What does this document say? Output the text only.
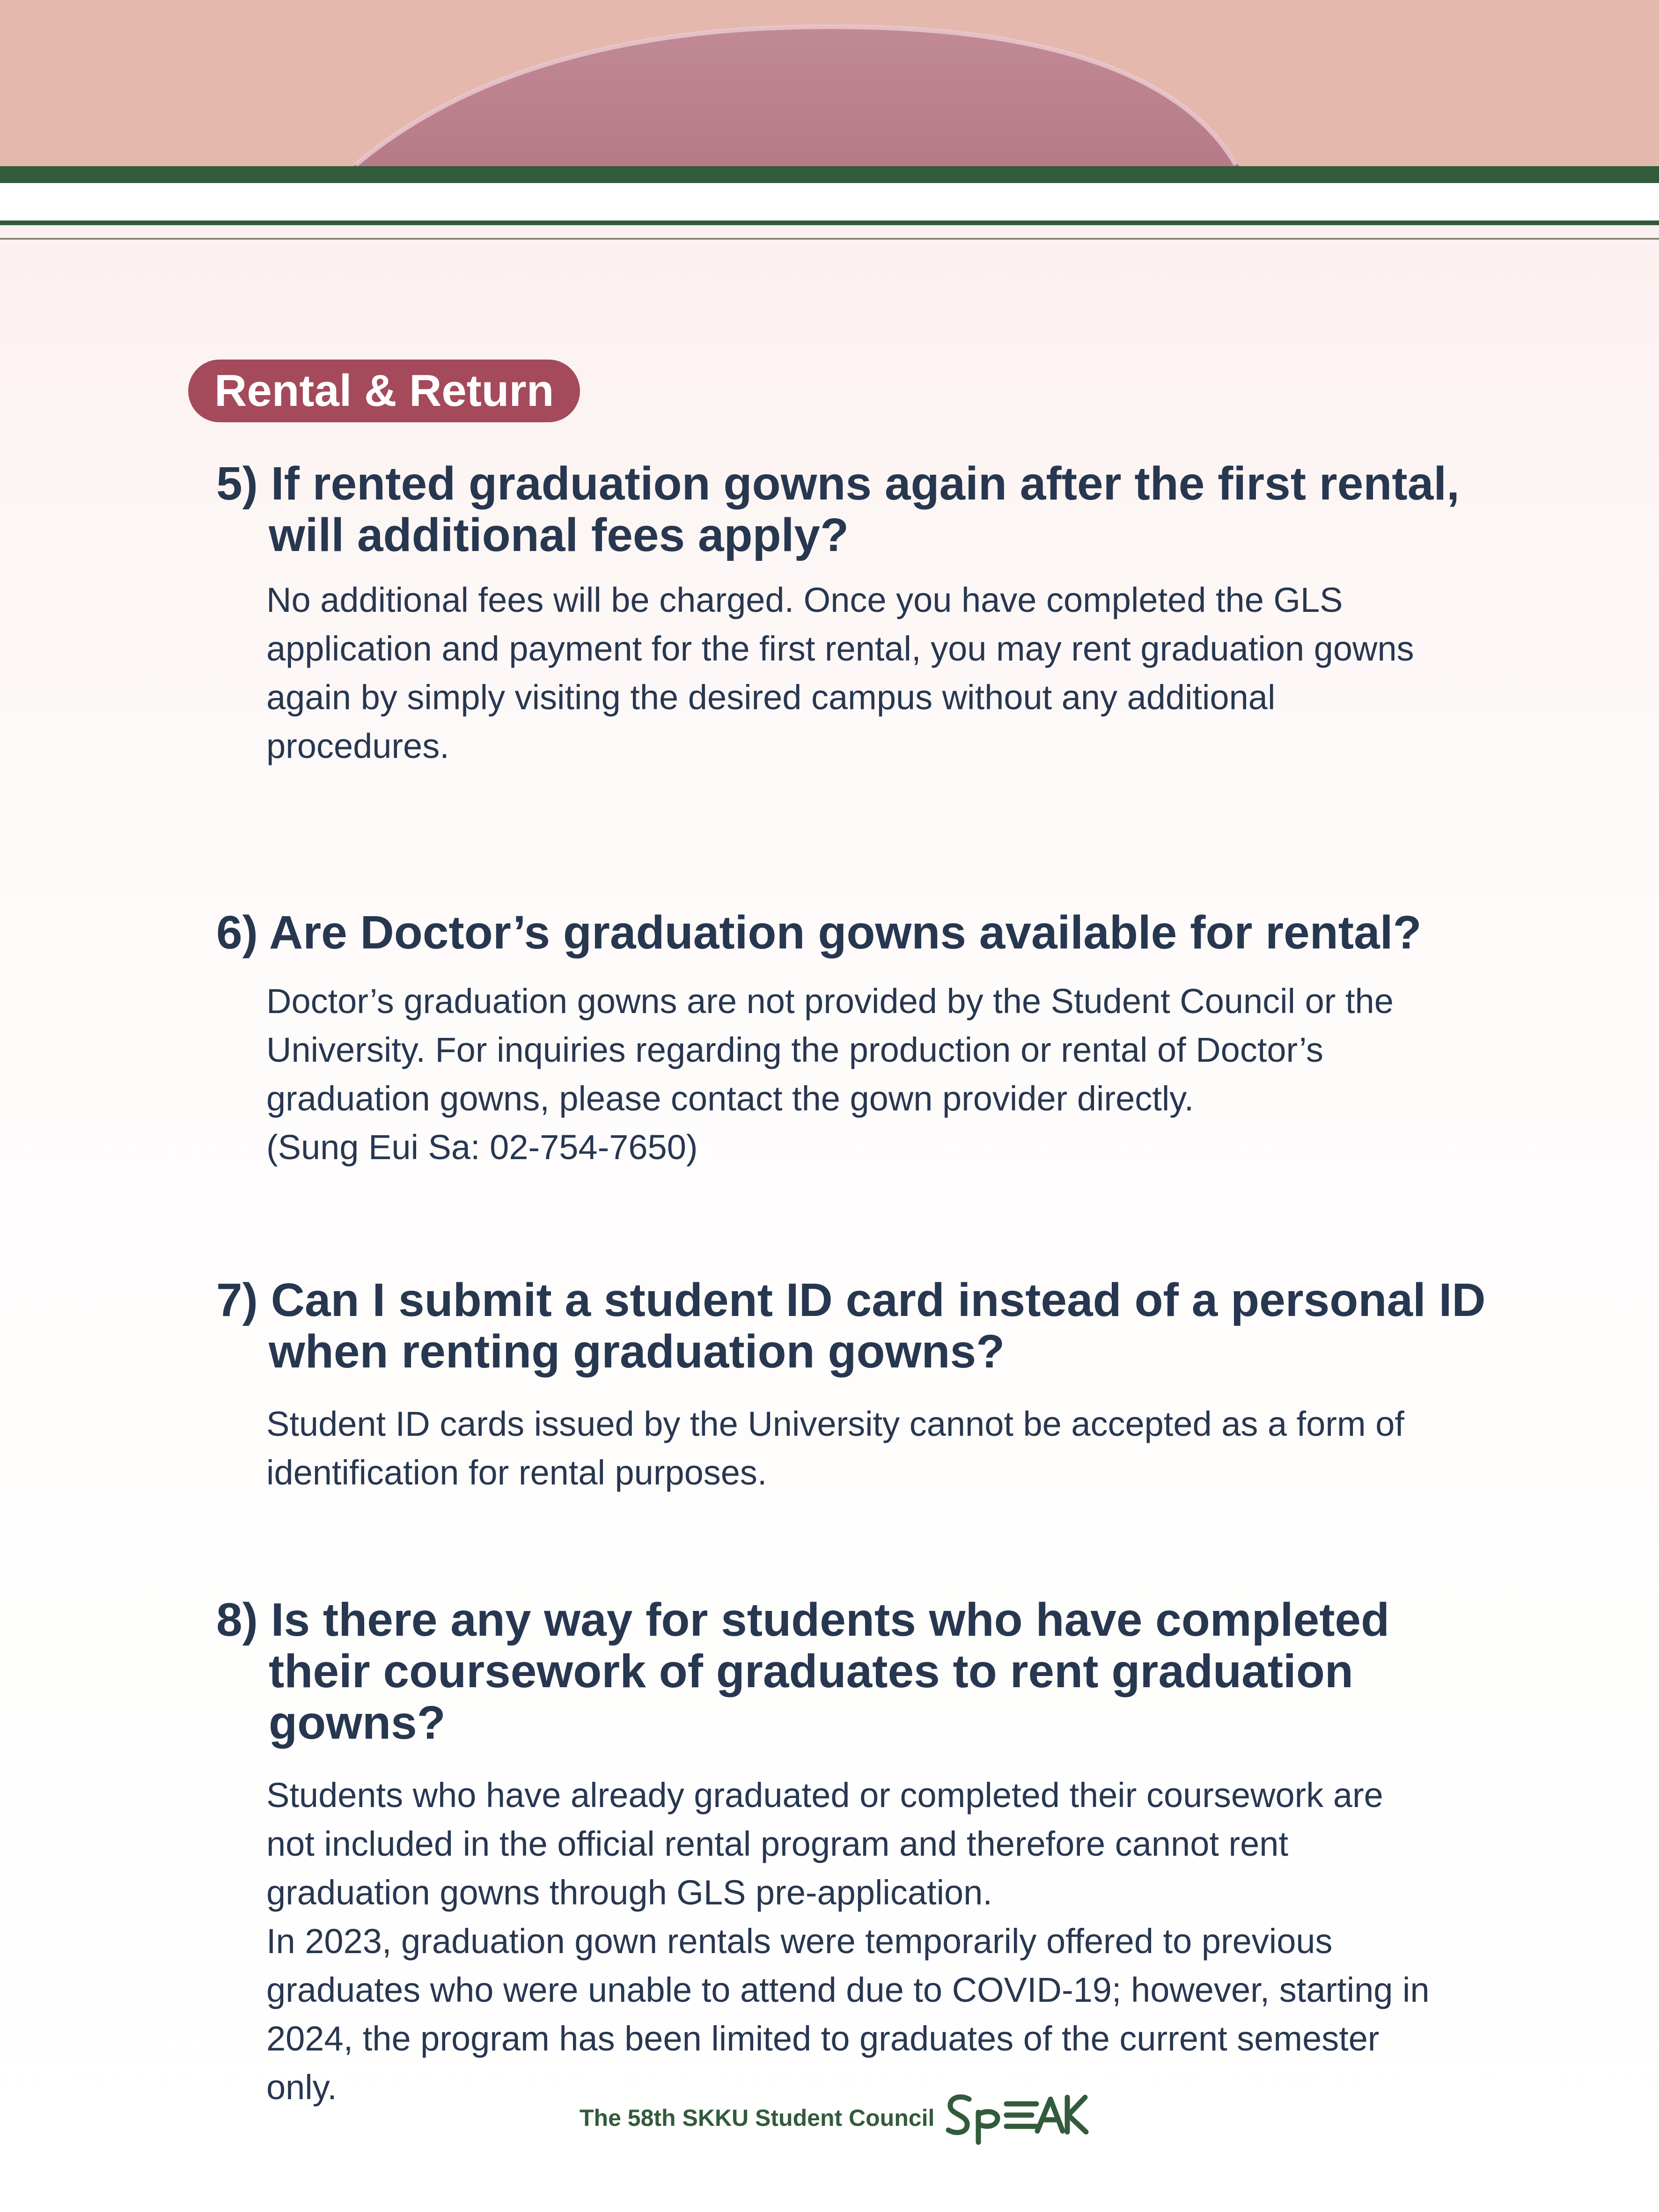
Rental & Return

5) If rented graduation gowns again after the first rental, will additional fees apply?

No additional fees will be charged. Once you have completed the GLS
application and payment for the first rental, you may rent graduation gowns
again by simply visiting the desired campus without any additional
procedures.

6) Are Doctor’s graduation gowns available for rental?

Doctor’s graduation gowns are not provided by the Student Council or the
University. For inquiries regarding the production or rental of Doctor’s
graduation gowns, please contact the gown provider directly.
(Sung Eui Sa: 02-754-7650)

7) Can I submit a student ID card instead of a personal ID when renting graduation gowns?

Student ID cards issued by the University cannot be accepted as a form of
identification for rental purposes.

8) Is there any way for students who have completed their coursework of graduates to rent graduation gowns?

Students who have already graduated or completed their coursework are
not included in the official rental program and therefore cannot rent
graduation gowns through GLS pre-application.
In 2023, graduation gown rentals were temporarily offered to previous
graduates who were unable to attend due to COVID-19; however, starting in
2024, the program has been limited to graduates of the current semester
only.

The 58th SKKU Student Council
